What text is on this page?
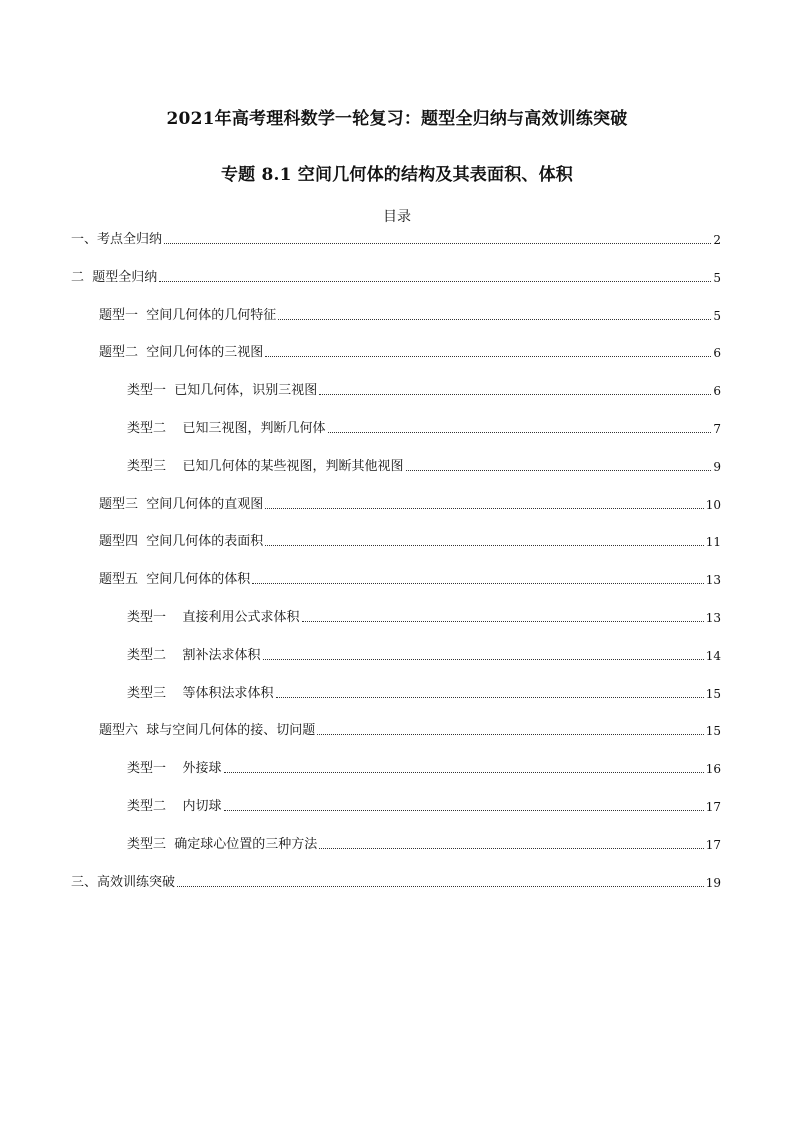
2021年高考理科数学一轮复习：题型全归纳与高效训练突破
专题 8.1 空间几何体的结构及其表面积、体积
目录
一、考点全归纳	2
二  题型全归纳	5
题型一  空间几何体的几何特征	5
题型二  空间几何体的三视图	6
类型一  已知几何体，识别三视图	6
类型二    已知三视图，判断几何体	7
类型三    已知几何体的某些视图，判断其他视图	9
题型三  空间几何体的直观图	10
题型四  空间几何体的表面积	11
题型五  空间几何体的体积	13
类型一    直接利用公式求体积	13
类型二    割补法求体积	14
类型三    等体积法求体积	15
题型六  球与空间几何体的接、切问题	15
类型一    外接球	16
类型二    内切球	17
类型三  确定球心位置的三种方法	17
三、高效训练突破	19
